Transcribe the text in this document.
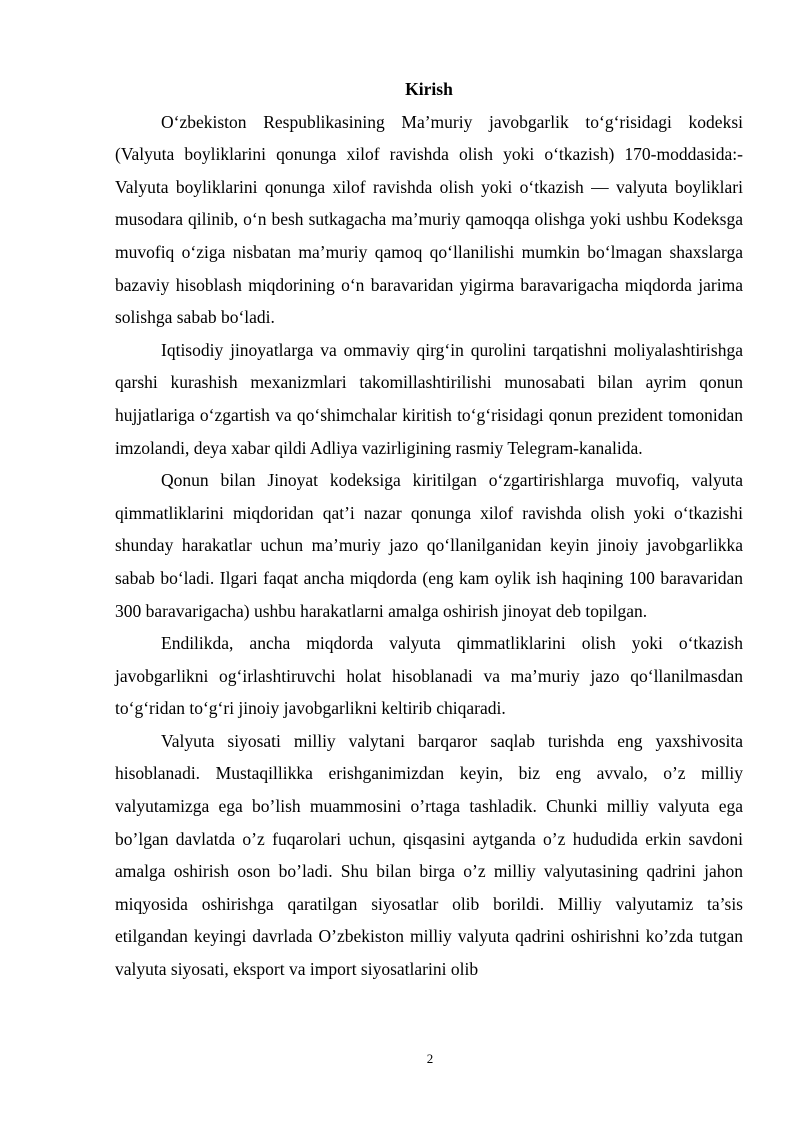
Kirish

O‘zbekiston Respublikasining Ma’muriy javobgarlik to‘g‘risidagi kodeksi (Valyuta boyliklarini qonunga xilof ravishda olish yoki o‘tkazish) 170-moddasida:- Valyuta boyliklarini qonunga xilof ravishda olish yoki o‘tkazish — valyuta boyliklari musodara qilinib, o‘n besh sutkagacha ma’muriy qamoqqa olishga yoki ushbu Kodeksga muvofiq o‘ziga nisbatan ma’muriy qamoq qo‘llanilishi mumkin bo‘lmagan shaxslarga bazaviy hisoblash miqdorining o‘n baravaridan yigirma baravarigacha miqdorda jarima solishga sabab bo‘ladi.

Iqtisodiy jinoyatlarga va ommaviy qirg‘in qurolini tarqatishni moliyalashtirishga qarshi kurashish mexanizmlari takomillashtirilishi munosabati bilan ayrim qonun hujjatlariga o‘zgartish va qo‘shimchalar kiritish to‘g‘risidagi qonun prezident tomonidan imzolandi, deya xabar qildi Adliya vazirligining rasmiy Telegram-kanalida.

Qonun bilan Jinoyat kodeksiga kiritilgan o‘zgartirishlarga muvofiq, valyuta qimmatliklarini miqdoridan qat’i nazar qonunga xilof ravishda olish yoki o‘tkazishi shunday harakatlar uchun ma’muriy jazo qo‘llanilganidan keyin jinoiy javobgarlikka sabab bo‘ladi. Ilgari faqat ancha miqdorda (eng kam oylik ish haqining 100 baravaridan 300 baravarigacha) ushbu harakatlarni amalga oshirish jinoyat deb topilgan.

Endilikda, ancha miqdorda valyuta qimmatliklarini olish yoki o‘tkazish javobgarlikni og‘irlashtiruvchi holat hisoblanadi va ma’muriy jazo qo‘llanilmasdan to‘g‘ridan to‘g‘ri jinoiy javobgarlikni keltirib chiqaradi.

Valyuta siyosati milliy valytani barqaror saqlab turishda eng yaxshivosita hisoblanadi. Mustaqillikka erishganimizdan keyin, biz eng avvalo, o’z milliy valyutamizga ega bo’lish muammosini o’rtaga tashladik. Chunki milliy valyuta ega bo’lgan davlatda o’z fuqarolari uchun, qisqasini aytganda o’z hududida erkin savdoni amalga oshirish oson bo’ladi. Shu bilan birga o’z milliy valyutasining qadrini jahon miqyosida oshirishga qaratilgan siyosatlar olib borildi. Milliy valyutamiz ta’sis etilgandan keyingi davrlada O’zbekiston milliy valyuta qadrini oshirishni ko’zda tutgan valyuta siyosati, eksport va import siyosatlarini olib

2
